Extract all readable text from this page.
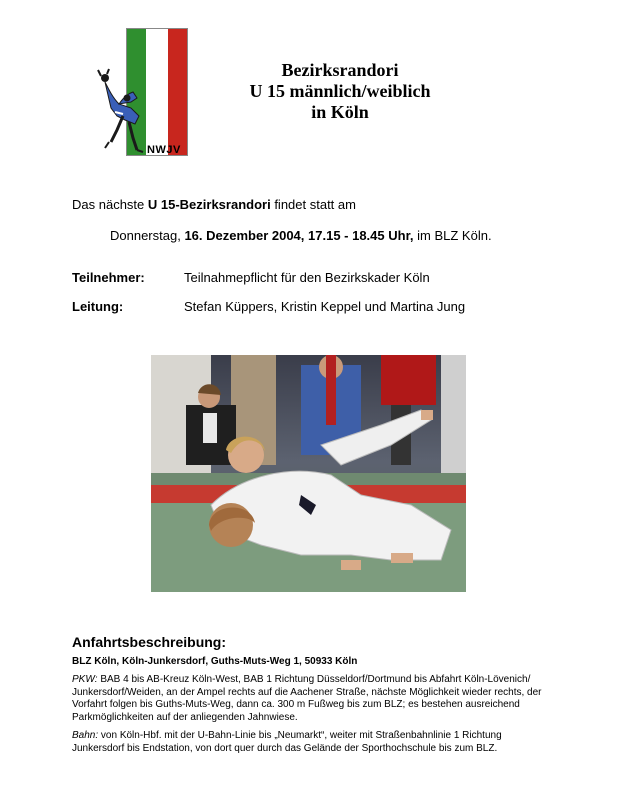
NWJV
Bezirksrandori
U 15 männlich/weiblich
in Köln
Das nächste U 15-Bezirksrandori findet statt am
Donnerstag, 16. Dezember 2004, 17.15 - 18.45 Uhr, im BLZ Köln.
Teilnehmer:	Teilnahmepflicht für den Bezirkskader Köln
Leitung:	Stefan Küppers, Kristin Keppel und Martina Jung
Anfahrtsbeschreibung:
BLZ Köln, Köln-Junkersdorf, Guths-Muts-Weg 1, 50933 Köln
PKW: BAB 4 bis AB-Kreuz Köln-West, BAB 1 Richtung Düsseldorf/Dortmund bis Abfahrt Köln-Lövenich/
Junkersdorf/Weiden, an der Ampel rechts auf die Aachener Straße, nächste Möglichkeit wieder rechts, der
Vorfahrt folgen bis Guths-Muts-Weg, dann ca. 300 m Fußweg bis zum BLZ; es bestehen ausreichend
Parkmöglichkeiten auf der anliegenden Jahnwiese.
Bahn: von Köln-Hbf. mit der U-Bahn-Linie bis „Neumarkt“, weiter mit Straßenbahnlinie 1 Richtung
Junkersdorf bis Endstation, von dort quer durch das Gelände der Sporthochschule bis zum BLZ.
